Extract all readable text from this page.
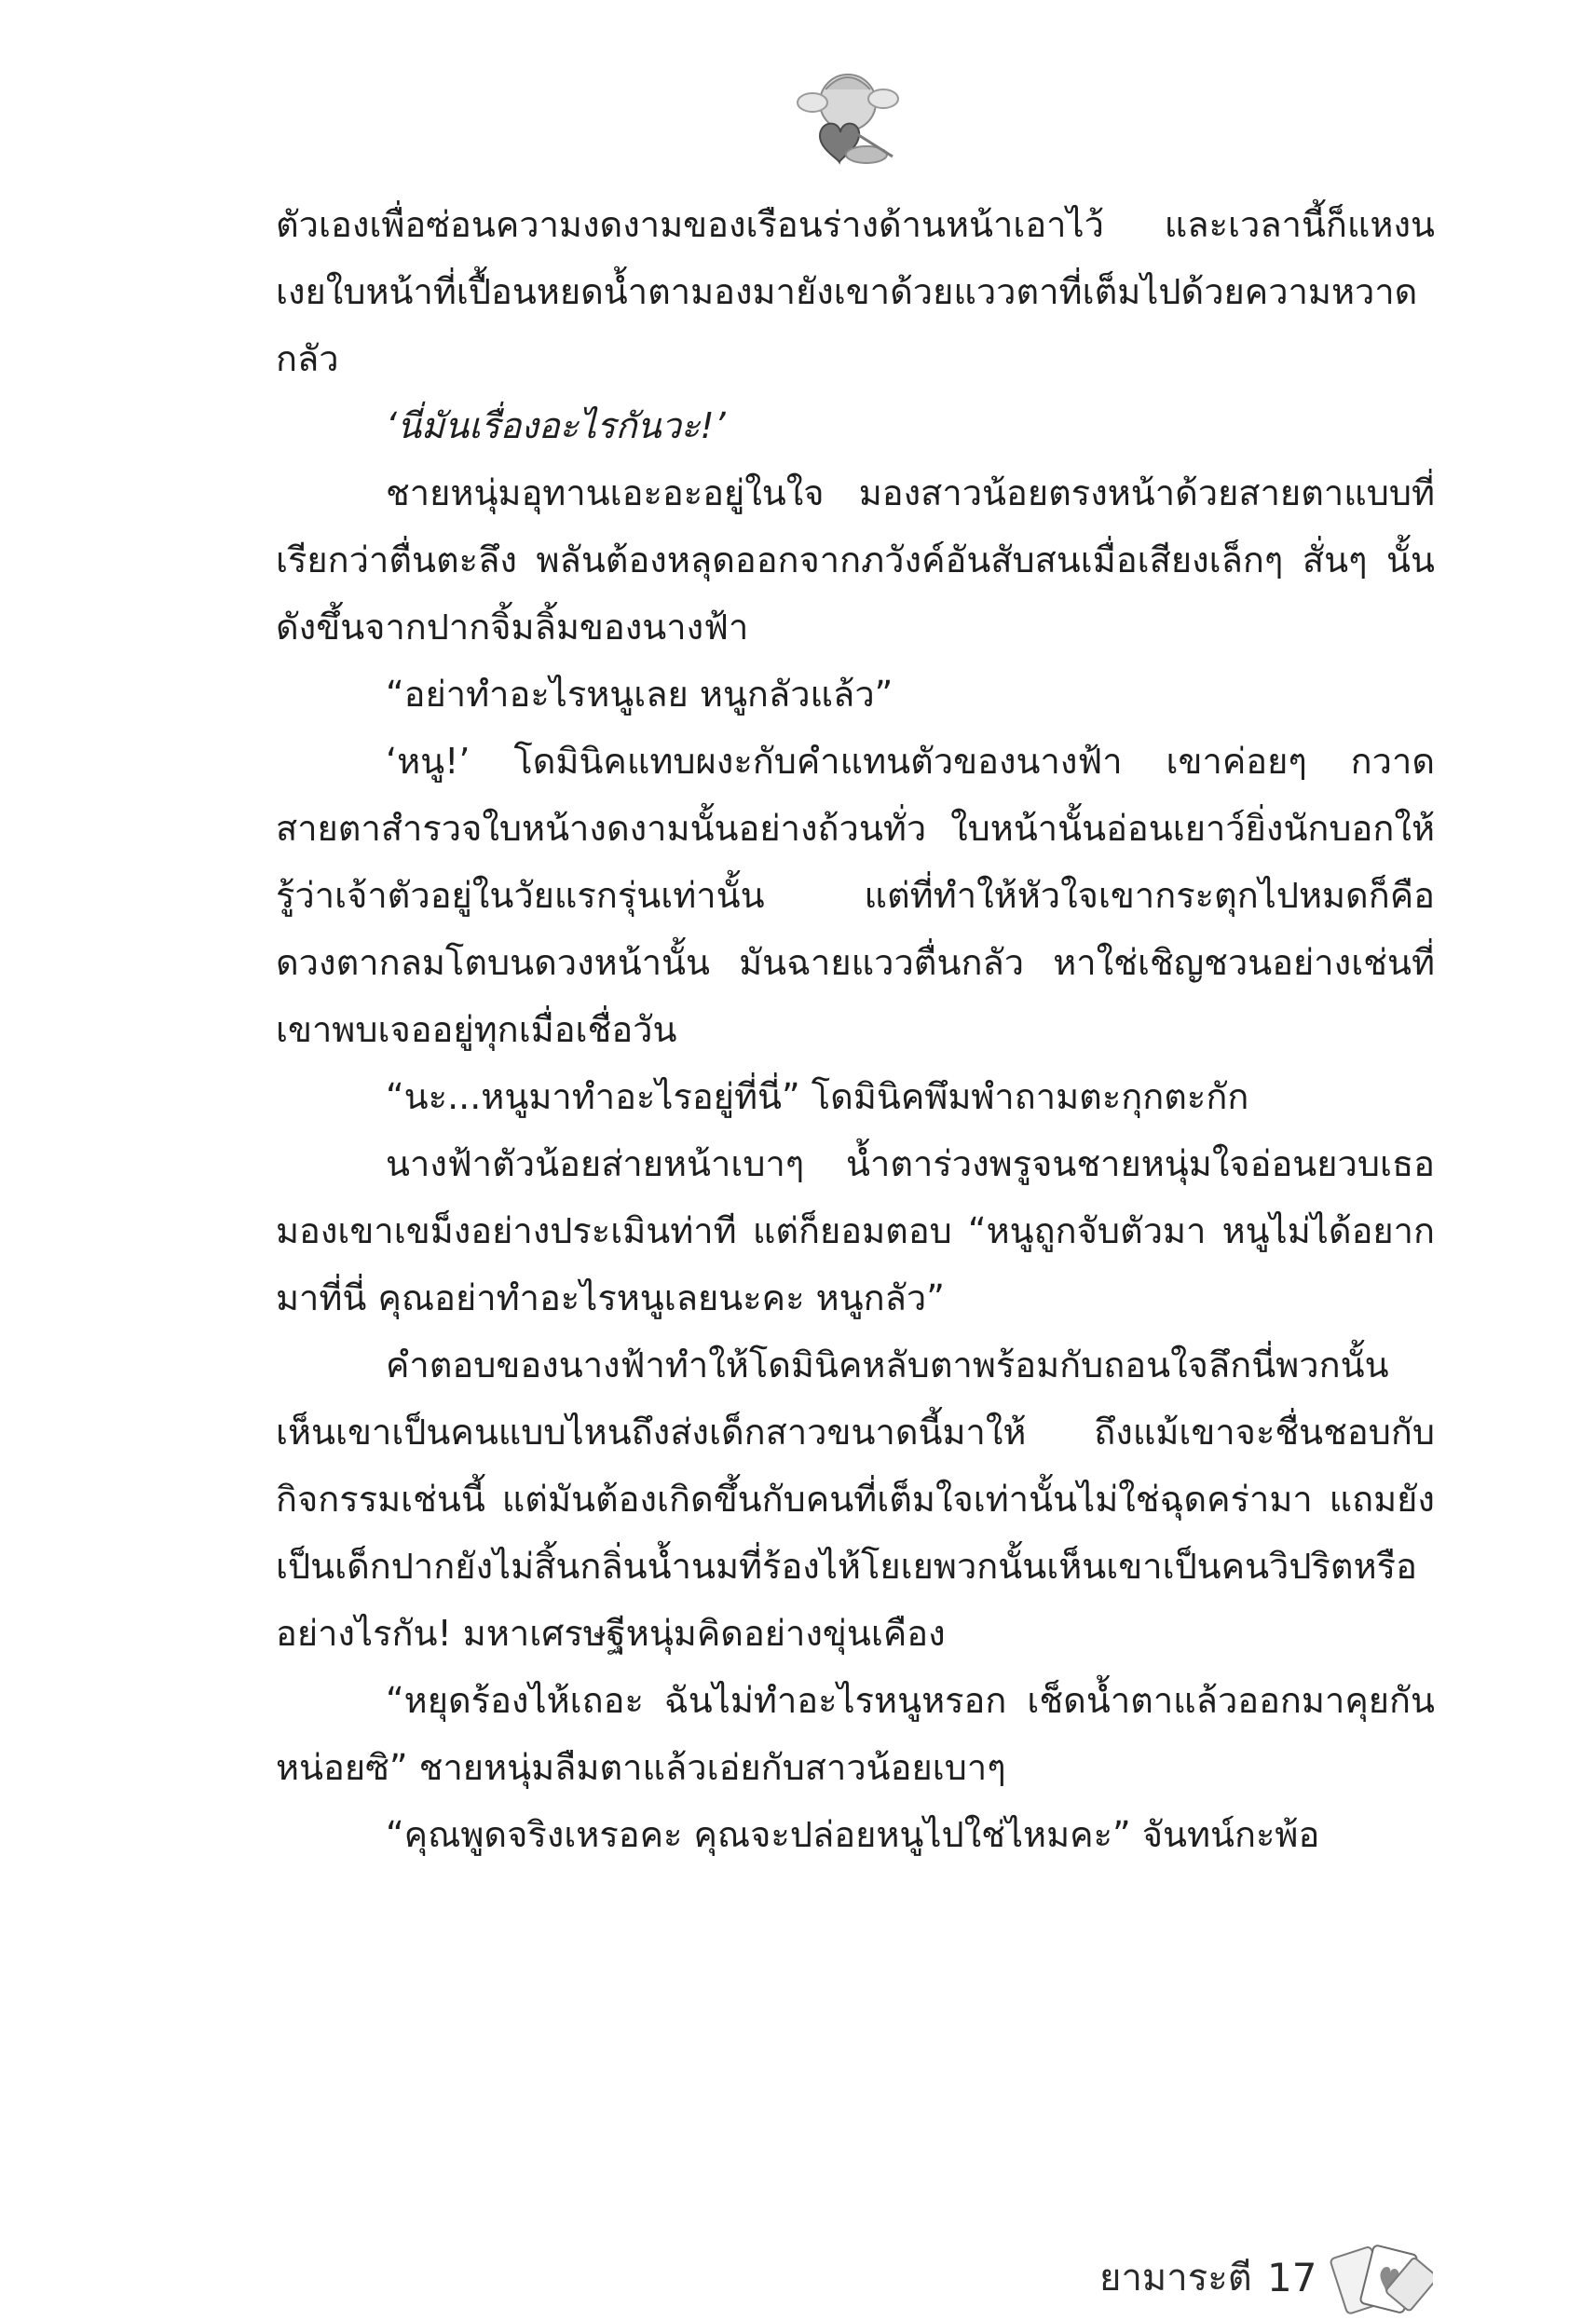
ตัวเองเพื่อซ่อนความงดงามของเรือนร่างด้านหน้าเอาไว้ และเวลานี้ก็แหงนเงยใบหน้าที่เปื้อนหยดน้ำตามองมายังเขาด้วยแววตาที่เต็มไปด้วยความหวาดกลัว

‘นี่มันเรื่องอะไรกันวะ!’

ชายหนุ่มอุทานเอะอะอยู่ในใจ มองสาวน้อยตรงหน้าด้วยสายตาแบบที่เรียกว่าตื่นตะลึง พลันต้องหลุดออกจากภวังค์อันสับสนเมื่อเสียงเล็กๆ สั่นๆ นั้นดังขึ้นจากปากจิ้มลิ้มของนางฟ้า

“อย่าทำอะไรหนูเลย หนูกลัวแล้ว”

‘หนู!’ โดมินิคแทบผงะกับคำแทนตัวของนางฟ้า เขาค่อยๆ กวาดสายตาสำรวจใบหน้างดงามนั้นอย่างถ้วนทั่ว ใบหน้านั้นอ่อนเยาว์ยิ่งนักบอกให้รู้ว่าเจ้าตัวอยู่ในวัยแรกรุ่นเท่านั้น แต่ที่ทำให้หัวใจเขากระตุกไปหมดก็คือดวงตากลมโตบนดวงหน้านั้น มันฉายแววตื่นกลัว หาใช่เชิญชวนอย่างเช่นที่เขาพบเจออยู่ทุกเมื่อเชื่อวัน

“นะ...หนูมาทำอะไรอยู่ที่นี่” โดมินิคพึมพำถามตะกุกตะกัก

นางฟ้าตัวน้อยส่ายหน้าเบาๆ น้ำตาร่วงพรูจนชายหนุ่มใจอ่อนยวบเธอมองเขาเขม็งอย่างประเมินท่าที แต่ก็ยอมตอบ “หนูถูกจับตัวมา หนูไม่ได้อยากมาที่นี่ คุณอย่าทำอะไรหนูเลยนะคะ หนูกลัว”

คำตอบของนางฟ้าทำให้โดมินิคหลับตาพร้อมกับถอนใจลึกนี่พวกนั้นเห็นเขาเป็นคนแบบไหนถึงส่งเด็กสาวขนาดนี้มาให้ ถึงแม้เขาจะชื่นชอบกับกิจกรรมเช่นนี้ แต่มันต้องเกิดขึ้นกับคนที่เต็มใจเท่านั้นไม่ใช่ฉุดคร่ามา แถมยังเป็นเด็กปากยังไม่สิ้นกลิ่นน้ำนมที่ร้องไห้โยเยพวกนั้นเห็นเขาเป็นคนวิปริตหรืออย่างไรกัน! มหาเศรษฐีหนุ่มคิดอย่างขุ่นเคือง

“หยุดร้องไห้เถอะ ฉันไม่ทำอะไรหนูหรอก เช็ดน้ำตาแล้วออกมาคุยกันหน่อยซิ” ชายหนุ่มลืมตาแล้วเอ่ยกับสาวน้อยเบาๆ

“คุณพูดจริงเหรอคะ คุณจะปล่อยหนูไปใช่ไหมคะ” จันทน์กะพ้อ

ยามาระตี 17
